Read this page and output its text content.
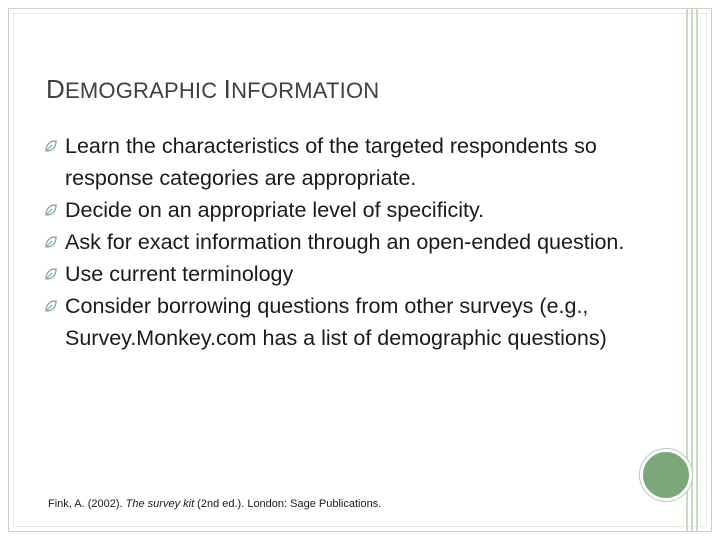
DEMOGRAPHIC INFORMATION
Learn the characteristics of the targeted respondents so response categories are appropriate.
Decide on an appropriate level of specificity.
Ask for exact information through an open-ended question.
Use current terminology
Consider borrowing questions from other surveys (e.g., Survey.Monkey.com has a list of demographic questions)
Fink, A. (2002). The survey kit (2nd ed.). London: Sage Publications.
